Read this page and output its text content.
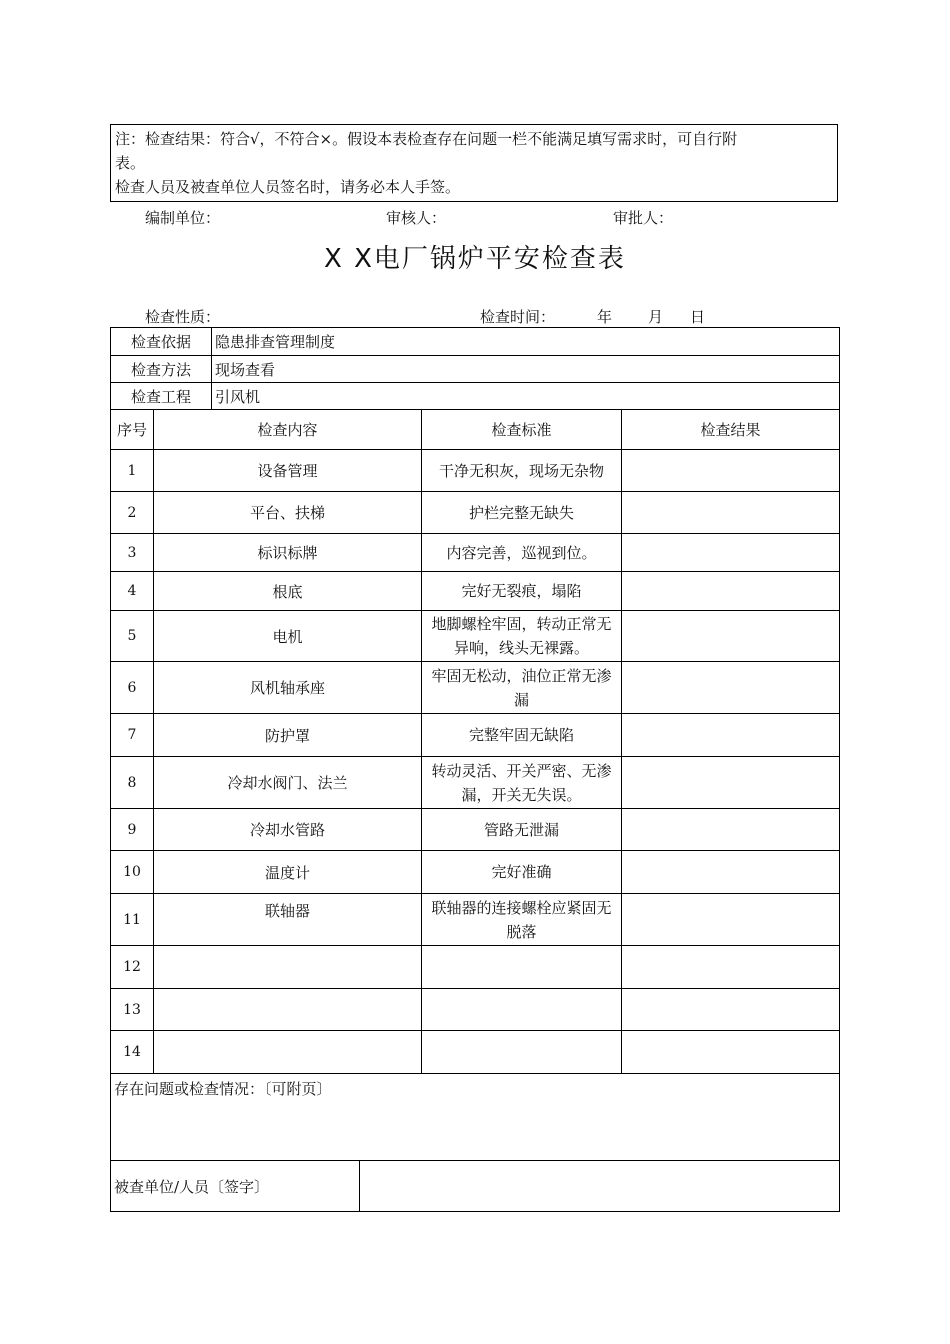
注：检查结果：符合√，不符合×。假设本表检查存在问题一栏不能满足填写需求时，可自行附
表。
检查人员及被查单位人员签名时，请务必本人手签。
编制单位：	审核人：	审批人：
X X电厂锅炉平安检查表
检查性质：	检查时间：	年 月 日
检查依据		隐患排查管理制度			
检查方法		现场查看			
检查工程		引风机			
序号	检查内容			检查标准	检查结果
1	设备管理			干净无积灰，现场无杂物	
2	平台、扶梯			护栏完整无缺失	
3	标识标牌			内容完善，巡视到位。	
4	根底			完好无裂痕，塌陷	
5	电机			地脚螺栓牢固，转动正常无异响，线头无裸露。	
6	风机轴承座			牢固无松动，油位正常无渗漏	
7	防护罩			完整牢固无缺陷	
8	冷却水阀门、法兰			转动灵活、开关严密、无渗漏，开关无失误。	
9	冷却水管路			管路无泄漏	
10	温度计			完好准确	
11	联轴器			联轴器的连接螺栓应紧固无脱落	
12					
13					
14					
存在问题或检查情况：〔可附页〕					
被查单位/人员〔签字〕					
